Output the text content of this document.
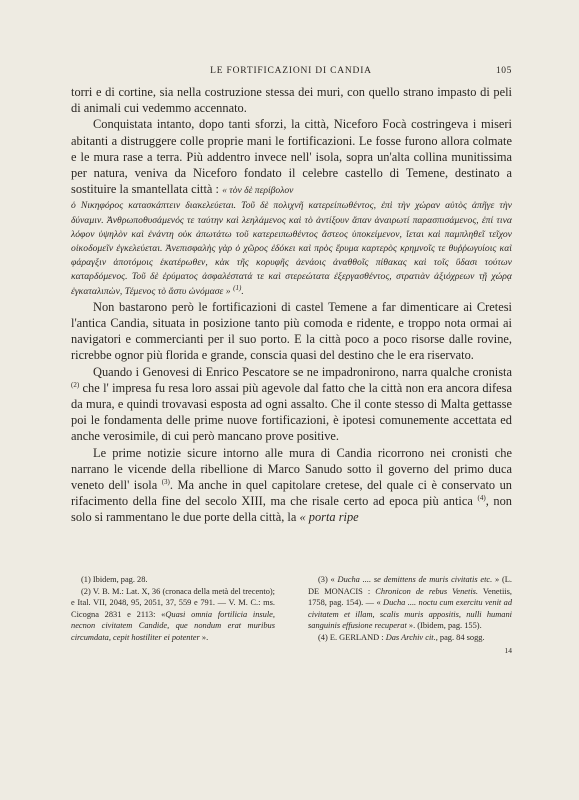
LE FORTIFICAZIONI DI CANDIA	105

torri e di cortine, sia nella costruzione stessa dei muri, con quello strano impasto di peli di animali cui vedemmo accennato.

Conquistata intanto, dopo tanti sforzi, la città, Niceforo Focà costringeva i miseri abitanti a distruggere colle proprie mani le fortificazioni. Le fosse furono allora colmate e le mura rase a terra. Più addentro invece nell' isola, sopra un'alta collina munitissima per natura, veniva da Niceforo fondato il celebre castello di Temene, destinato a sostituire la smantellata città : « τὸν δὲ περίβολον

ὁ Νικηφόρος κατασκάπτειν διακελεύεται. Τοῦ δὲ πολιχνῆ κατερείπωθέντος, ἐπὶ τὴν χώραν αὐτὸς ἀπῆγε τὴν δύναμιν. Ἀνθρωποθυσάμενός τε ταύτην καὶ λεηλάμενος καὶ τὸ ἀντίξουν ἅπαν ἀναιρωτί παρασπισάμενος, ἐπί τινα λόφον ὑψηλὸν καὶ ἐνάντη οὐκ ἀπωτάτω τοῦ κατερειπωθέντος ἄστεος ὑποκείμενον, ἵεται καὶ παμπληθεῖ τεῖχον οἰκοδομεῖν ἐγκελεύεται. Ἀνεπισφαλὴς γὰρ ὁ χῶρος ἐδόκει καὶ πρὸς ἔρυμα καρτερὸς κρημνοῖς τε θυῤῥωγυίοις καὶ φάραγξιν ἀποτόμοις ἑκατέρωθεν, κὰκ τῆς κορυφῆς ἀενάοις ἀναθθοῖς πίθακας καὶ τοῖς ὕδασι τούτων καταρδόμενος. Τοῦ δὲ ἐρύματος ἀσφαλέστατά τε καὶ στερεώτατα ἐξεργασθέντος, στρατιὰν ἀξιόχρεων τῇ χώρᾳ ἐγκαταλιπὼν, Τέμενος τὸ ἄστυ ὠνόμασε » $^{(1)}$.

Non bastarono però le fortificazioni di castel Temene a far dimenticare ai Cretesi l'antica Candia, situata in posizione tanto più comoda e ridente, e troppo nota ormai ai navigatori e commercianti per il suo porto. E la città poco a poco risorse dalle rovine, ricrebbe ognor più florida e grande, conscia quasi del destino che le era riservato.

Quando i Genovesi di Enrico Pescatore se ne impadronirono, narra qualche cronista $^{(2)}$ che l' impresa fu resa loro assai più agevole dal fatto che la città non era ancora difesa da mura, e quindi trovavasi esposta ad ogni assalto. Che il conte stesso di Malta gettasse poi le fondamenta delle prime nuove fortificazioni, è ipotesi comunemente accettata ed anche verosimile, di cui però mancano prove positive.

Le prime notizie sicure intorno alle mura di Candia ricorrono nei cronisti che narrano le vicende della ribellione di Marco Sanudo sotto il governo del primo duca veneto dell' isola $^{(3)}$. Ma anche in quel capitolare cretese, del quale ci è conservato un rifacimento della fine del secolo XIII, ma che risale certo ad epoca più antica $^{(4)}$, non solo si rammentano le due porte della città, la « porta ripe

(1) Ibidem, pag. 28.

(2) V. B. M.: Lat. X, 36 (cronaca della metà del trecento); e Ital. VII, 2048, 95, 2051, 37, 559 e 791. — V. M. C.: ms. Cicogna 2831 e 2113: «Quasi omnia fortilicia insule, necnon civitatem Candide, que nondum erat muribus circumdata, cepit hostiliter ei potenter ».

(3) « Ducha .... se demittens de muris civitatis etc. » (L. DE MONACIS : Chronicon de rebus Venetis. Venetiis, 1758, pag. 154). — « Ducha .... noctu cum exercitu venit ad civitatem et illam, scalis muris appositis, nulli humani sanguinis effusione recuperat ». (Ibidem, pag. 155).

(4) E. GERLAND : Das Archiv cit., pag. 84 sogg.

14
